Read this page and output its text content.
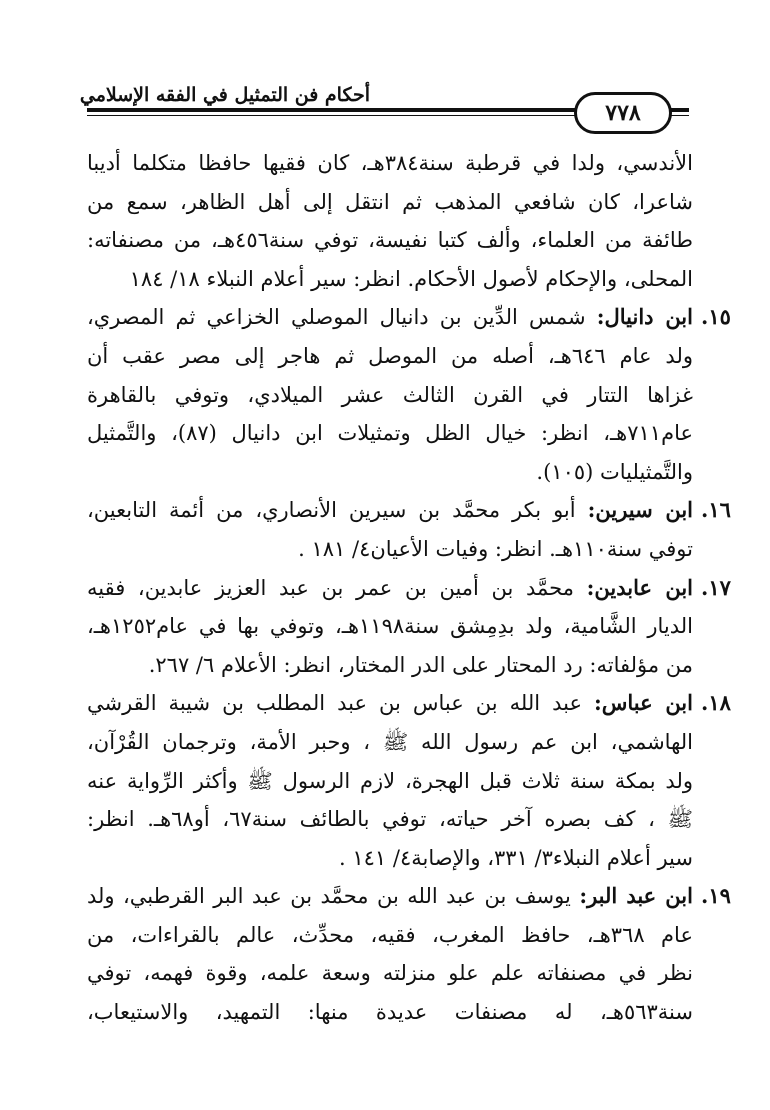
أحكام فن التمثيل في الفقه الإسلامي
٧٧٨
الأندسي، ولدا في قرطبة سنة٣٨٤هـ، كان فقيها حافظا متكلما أديبا
شاعرا، كان شافعي المذهب ثم انتقل إلى أهل الظاهر، سمع من
طائفة من العلماء، وألف كتبا نفيسة، توفي سنة٤٥٦هـ، من مصنفاته:
المحلى، والإحكام لأصول الأحكام. انظر: سير أعلام النبلاء ١٨/ ١٨٤
١٥.
ابن دانيال: شمس الدِّين بن دانيال الموصلي الخزاعي ثم المصري،
ولد عام ٦٤٦هـ، أصله من الموصل ثم هاجر إلى مصر عقب أن
غزاها التتار في القرن الثالث عشر الميلادي، وتوفي بالقاهرة
عام٧١١هـ، انظر: خيال الظل وتمثيلات ابن دانيال (٨٧)، والتَّمثيل
والتَّمثيليات (١٠٥).
١٦.
ابن سيرين: أبو بكر محمَّد بن سيرين الأنصاري، من أئمة التابعين،
توفي سنة١١٠هـ. انظر: وفيات الأعيان٤/ ١٨١ .
١٧.
ابن عابدين: محمَّد بن أمين بن عمر بن عبد العزيز عابدين، فقيه
الديار الشَّامية، ولد بدِمِشق سنة١١٩٨هـ، وتوفي بها في عام١٢٥٢هـ،
من مؤلفاته: رد المحتار على الدر المختار، انظر: الأعلام ٦/ ٢٦٧.
١٨.
ابن عباس: عبد الله بن عباس بن عبد المطلب بن شيبة القرشي
الهاشمي، ابن عم رسول الله ﷺ ، وحبر الأمة، وترجمان القُرْآن،
ولد بمكة سنة ثلاث قبل الهجرة، لازم الرسول ﷺ وأكثر الرِّواية عنه
ﷺ ، كف بصره آخر حياته، توفي بالطائف سنة٦٧، أو٦٨هـ. انظر:
سير أعلام النبلاء٣/ ٣٣١، والإصابة٤/ ١٤١ .
١٩.
ابن عبد البر: يوسف بن عبد الله بن محمَّد بن عبد البر القرطبي، ولد
عام ٣٦٨هـ، حافظ المغرب، فقيه، محدِّث، عالم بالقراءات، من
نظر في مصنفاته علم علو منزلته وسعة علمه، وقوة فهمه، توفي
سنة٥٦٣هـ، له مصنفات عديدة منها: التمهيد، والاستيعاب،
